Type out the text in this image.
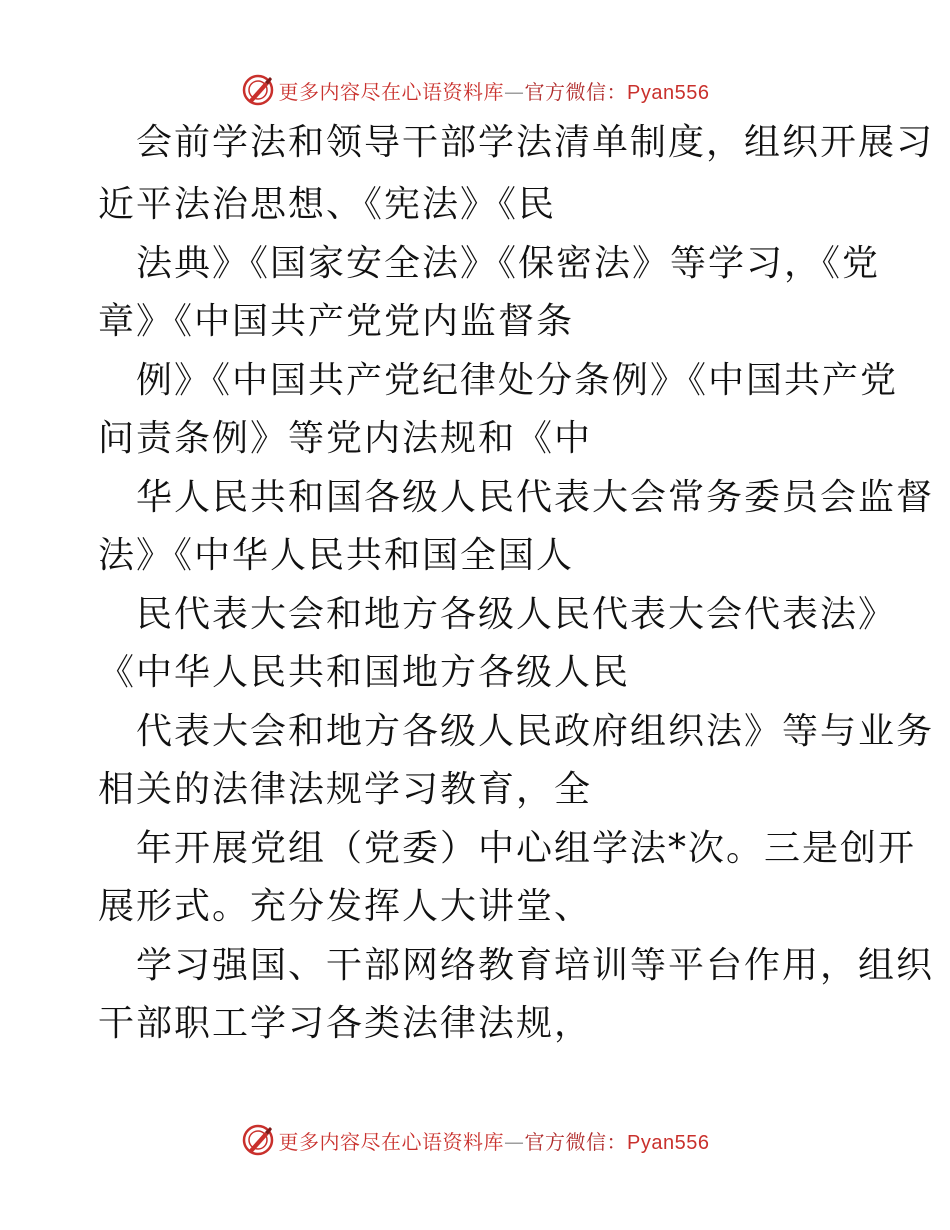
更多内容尽在心语资料库—官方微信：Pyan556
会前学法和领导干部学法清单制度，组织开展习
近平法治思想、《宪法》《民
法典》《国家安全法》《保密法》等学习，《党
章》《中国共产党党内监督条
例》《中国共产党纪律处分条例》《中国共产党
问责条例》等党内法规和《中
华人民共和国各级人民代表大会常务委员会监督
法》《中华人民共和国全国人
民代表大会和地方各级人民代表大会代表法》
《中华人民共和国地方各级人民
代表大会和地方各级人民政府组织法》等与业务
相关的法律法规学习教育，全
年开展党组（党委）中心组学法*次。三是创开
展形式。充分发挥人大讲堂、
学习强国、干部网络教育培训等平台作用，组织
干部职工学习各类法律法规，
更多内容尽在心语资料库—官方微信：Pyan556
